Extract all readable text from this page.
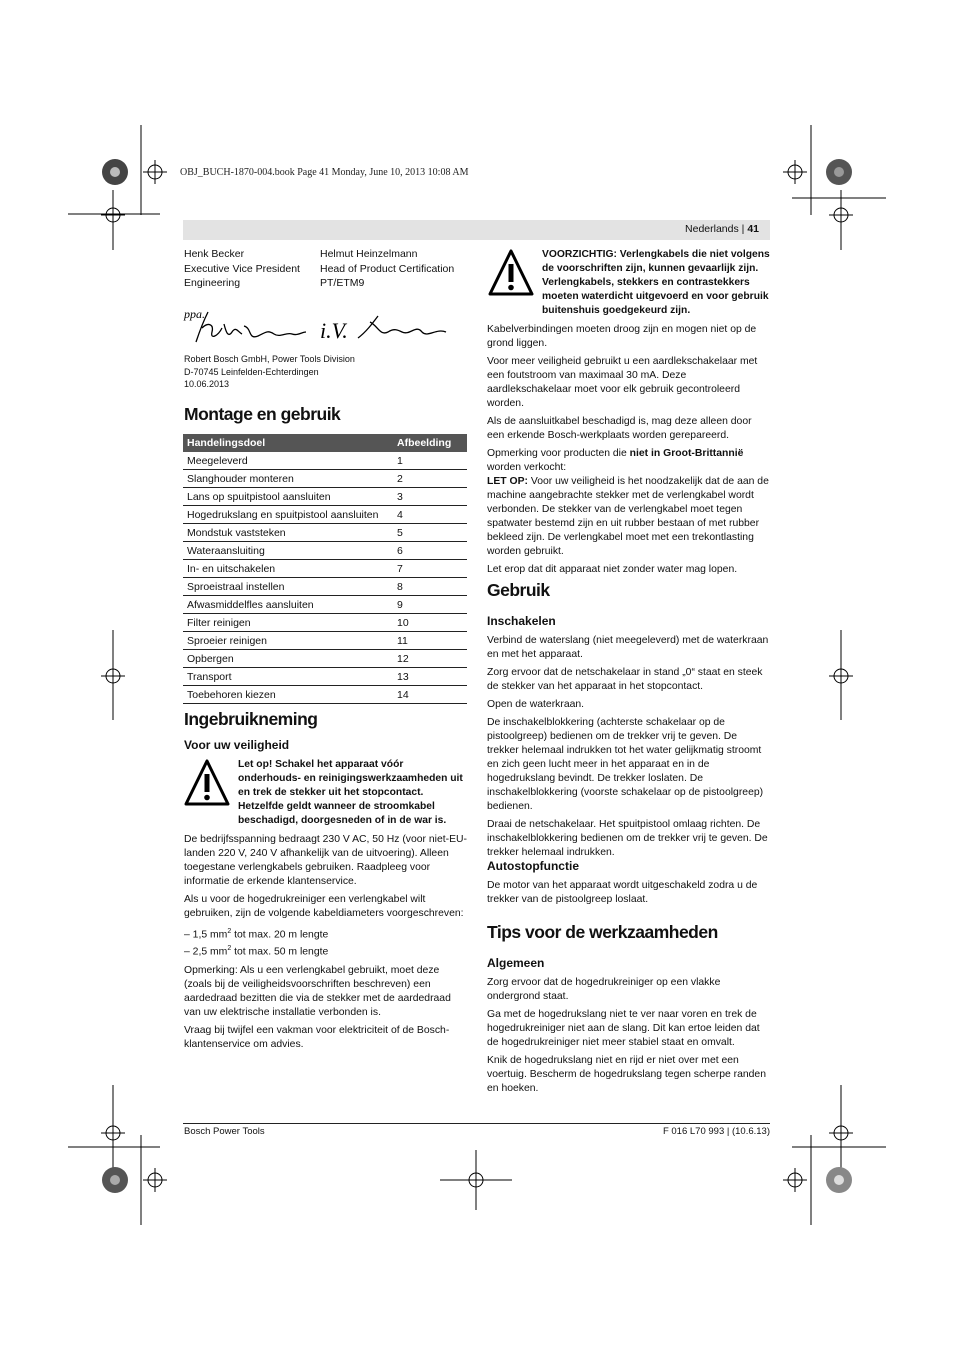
OBJ_BUCH-1870-004.book Page 41 Monday, June 10, 2013 10:08 AM
Nederlands | 41
Henk Becker
Executive Vice President
Engineering
Helmut Heinzelmann
Head of Product Certification
PT/ETM9
ppa.
i.V.
Robert Bosch GmbH, Power Tools Division
D-70745 Leinfelden-Echterdingen
10.06.2013
Montage en gebruik
Handelingsdoel	Afbeelding
Meegeleverd	1
Slanghouder monteren	2
Lans op spuitpistool aansluiten	3
Hogedrukslang en spuitpistool aansluiten	4
Mondstuk vaststeken	5
Wateraansluiting	6
In- en uitschakelen	7
Sproeistraal instellen	8
Afwasmiddelfles aansluiten	9
Filter reinigen	10
Sproeier reinigen	11
Opbergen	12
Transport	13
Toebehoren kiezen	14
Ingebruikneming
Voor uw veiligheid
Let op! Schakel het apparaat vóór onderhouds- en reinigingswerkzaamheden uit en trek de stekker uit het stopcontact. Hetzelfde geldt wanneer de stroomkabel beschadigd, doorgesneden of in de war is.

De bedrijfsspanning bedraagt 230 V AC, 50 Hz (voor niet-EU-landen 220 V, 240 V afhankelijk van de uitvoering). Alleen toegestane verlengkabels gebruiken. Raadpleeg voor informatie de erkende klantenservice.

Als u voor de hogedrukreiniger een verlengkabel wilt gebruiken, zijn de volgende kabeldiameters voorgeschreven:

– 1,5 $mm^2$ tot max. 20 m lengte
– 2,5 $mm^2$ tot max. 50 m lengte

Opmerking: Als u een verlengkabel gebruikt, moet deze (zoals bij de veiligheidsvoorschriften beschreven) een aardedraad bezitten die via de stekker met de aardedraad van uw elektrische installatie verbonden is.

Vraag bij twijfel een vakman voor elektriciteit of de Bosch-klantenservice om advies.

VOORZICHTIG: Verlengkabels die niet volgens de voorschriften zijn, kunnen gevaarlijk zijn. Verlengkabels, stekkers en contrastekkers moeten waterdicht uitgevoerd en voor gebruik buitenshuis goedgekeurd zijn.

Kabelverbindingen moeten droog zijn en mogen niet op de grond liggen.

Voor meer veiligheid gebruikt u een aardlekschakelaar met een foutstroom van maximaal 30 mA. Deze aardlekschakelaar moet voor elk gebruik gecontroleerd worden.

Als de aansluitkabel beschadigd is, mag deze alleen door een erkende Bosch-werkplaats worden gerepareerd.

Opmerking voor producten die niet in Groot-Brittannië worden verkocht:

LET OP: Voor uw veiligheid is het noodzakelijk dat de aan de machine aangebrachte stekker met de verlengkabel wordt verbonden. De stekker van de verlengkabel moet tegen spatwater bestemd zijn en uit rubber bestaan of met rubber bekleed zijn. De verlengkabel moet met een trekontlasting worden gebruikt.

Let erop dat dit apparaat niet zonder water mag lopen.

Gebruik
Inschakelen

Verbind de waterslang (niet meegeleverd) met de waterkraan en met het apparaat.

Zorg ervoor dat de netschakelaar in stand „0“ staat en steek de stekker van het apparaat in het stopcontact.

Open de waterkraan.

De inschakelblokkering (achterste schakelaar op de pistoolgreep) bedienen om de trekker vrij te geven. De trekker helemaal indrukken tot het water gelijkmatig stroomt en zich geen lucht meer in het apparaat en in de hogedrukslang bevindt. De trekker loslaten. De inschakelblokkering (voorste schakelaar op de pistoolgreep) bedienen.

Draai de netschakelaar. Het spuitpistool omlaag richten. De inschakelblokkering bedienen om de trekker vrij te geven. De trekker helemaal indrukken.

Autostopfunctie

De motor van het apparaat wordt uitgeschakeld zodra u de trekker van de pistoolgreep loslaat.

Tips voor de werkzaamheden
Algemeen

Zorg ervoor dat de hogedrukreiniger op een vlakke ondergrond staat.

Ga met de hogedrukslang niet te ver naar voren en trek de hogedrukreiniger niet aan de slang. Dit kan ertoe leiden dat de hogedrukreiniger niet meer stabiel staat en omvalt.

Knik de hogedrukslang niet en rijd er niet over met een voertuig. Bescherm de hogedrukslang tegen scherpe randen en hoeken.

Bosch Power Tools	F 016 L70 993 | (10.6.13)
